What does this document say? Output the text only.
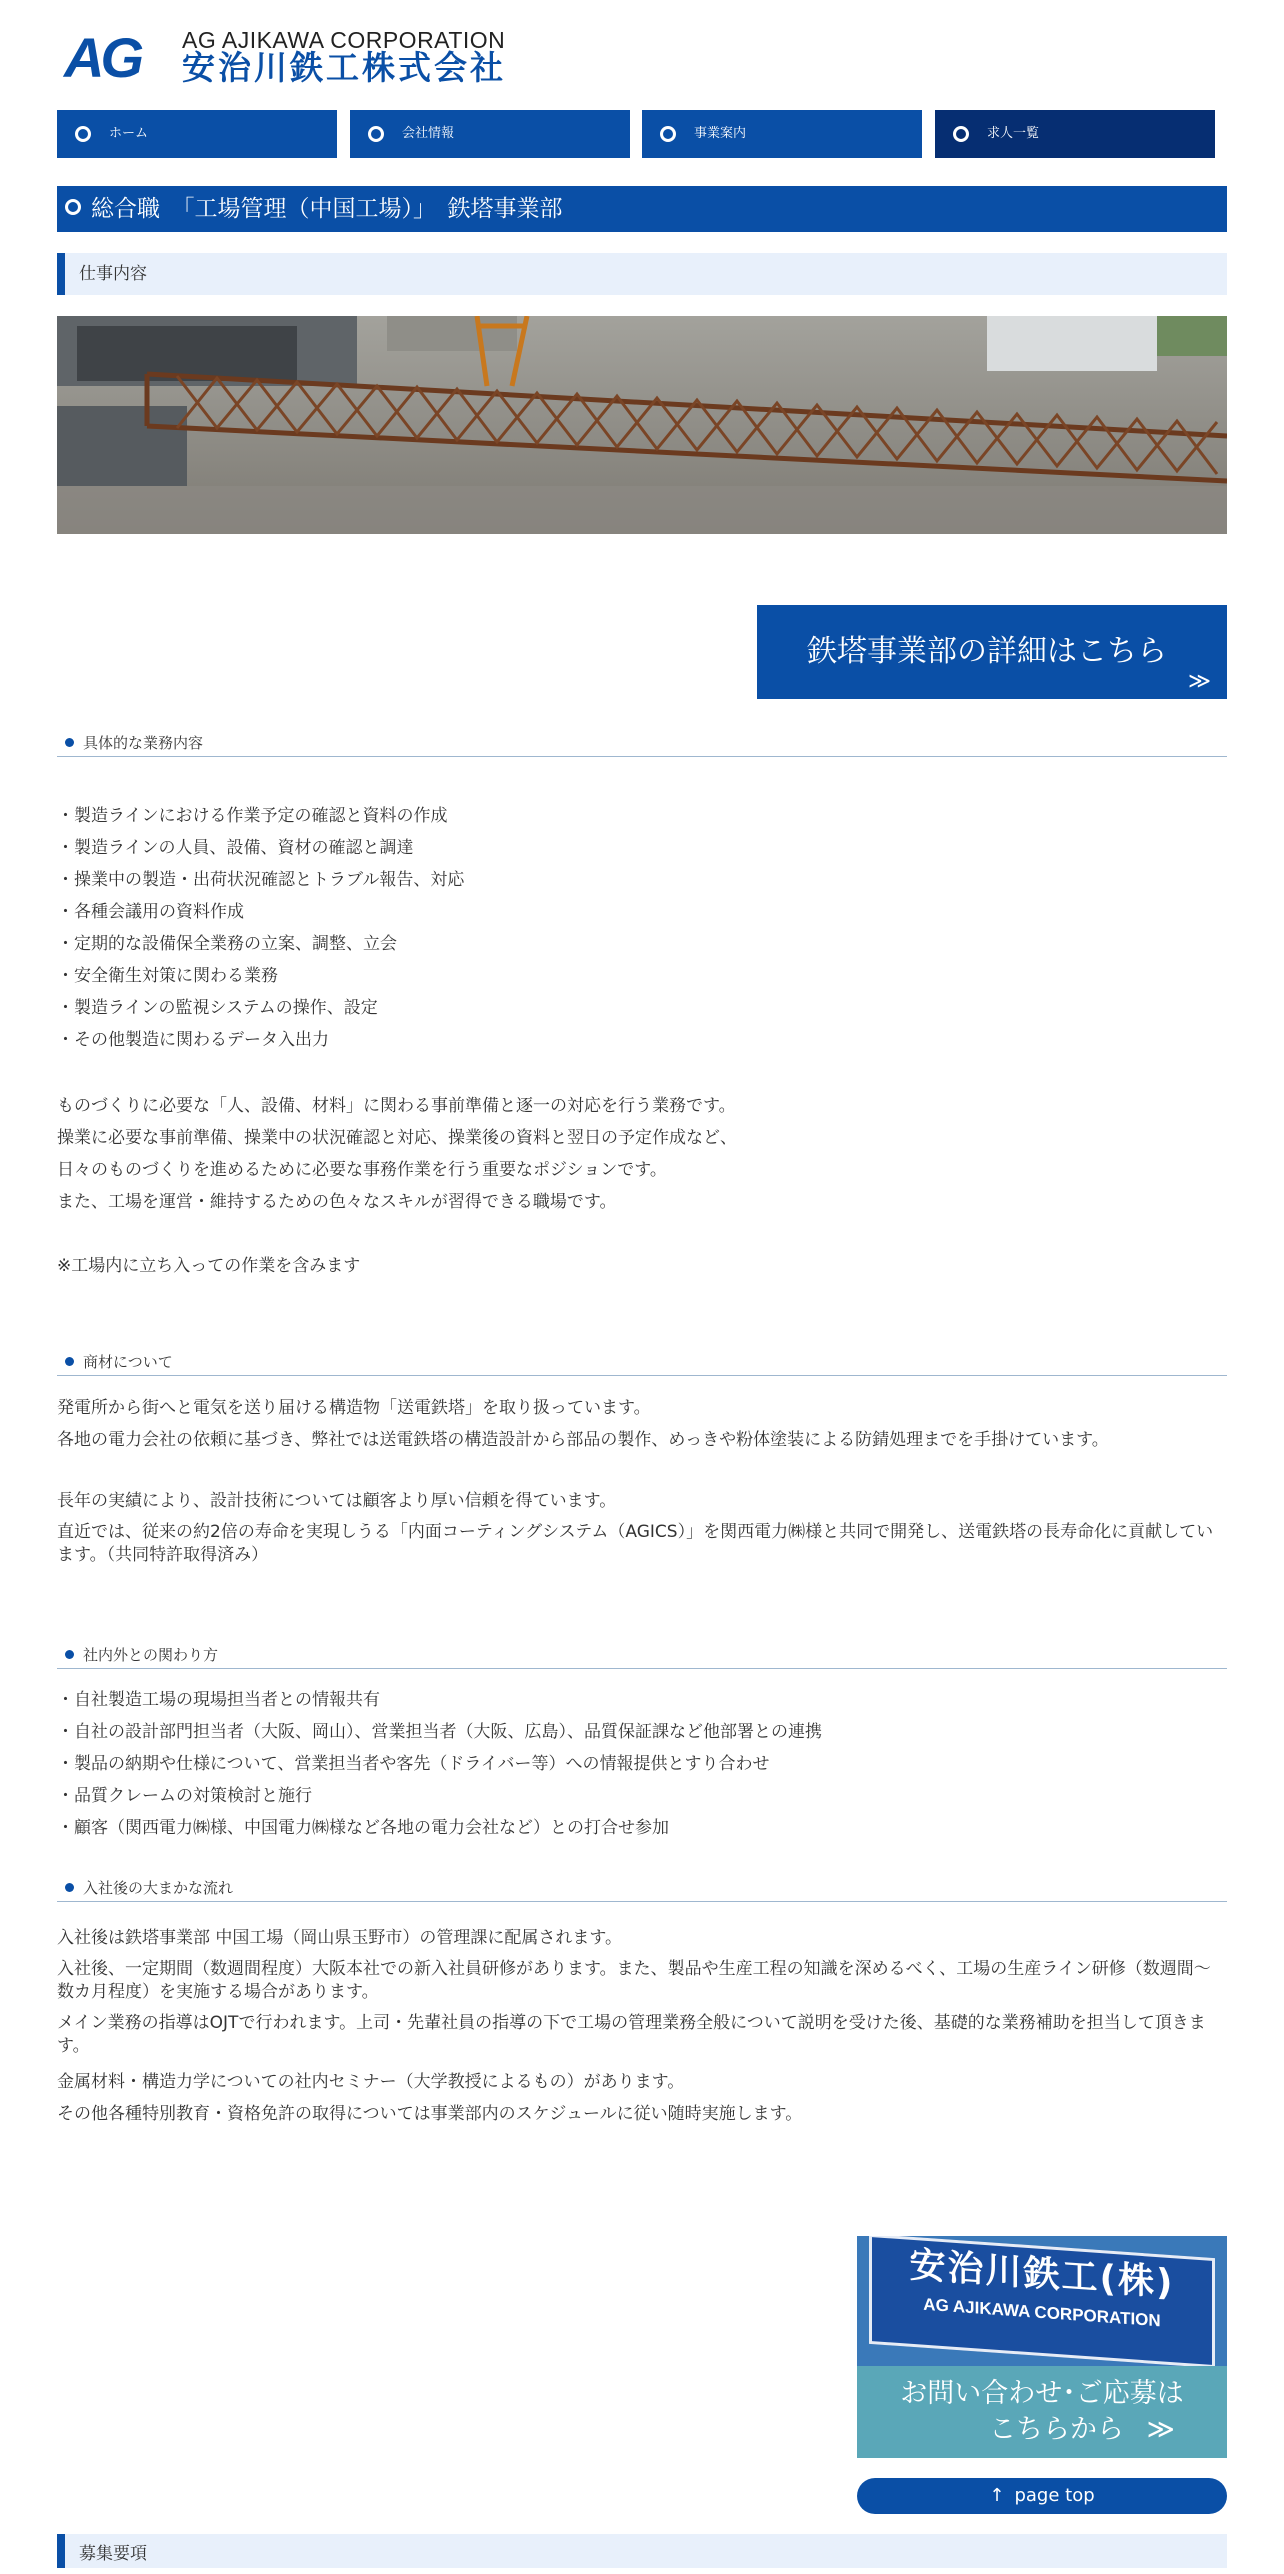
AG AG AJIKAWA CORPORATION
安治川鉄工株式会社
ホーム	会社情報	事業案内	求人一覧
総合職　「工場管理（中国工場）」　鉄塔事業部
仕事内容
鉄塔事業部の詳細はこちら
≫
具体的な業務内容

・製造ラインにおける作業予定の確認と資料の作成

・製造ラインの人員、設備、資材の確認と調達

・操業中の製造・出荷状況確認とトラブル報告、対応

・各種会議用の資料作成

・定期的な設備保全業務の立案、調整、立会

・安全衛生対策に関わる業務

・製造ラインの監視システムの操作、設定

・その他製造に関わるデータ入出力

ものづくりに必要な「人、設備、材料」に関わる事前準備と逐一の対応を行う業務です。

操業に必要な事前準備、操業中の状況確認と対応、操業後の資料と翌日の予定作成など、

日々のものづくりを進めるために必要な事務作業を行う重要なポジションです。

また、工場を運営・維持するための色々なスキルが習得できる職場です。

※工場内に立ち入っての作業を含みます

商材について

発電所から街へと電気を送り届ける構造物「送電鉄塔」を取り扱っています。

各地の電力会社の依頼に基づき、弊社では送電鉄塔の構造設計から部品の製作、めっきや粉体塗装による防錆処理までを手掛けています。

長年の実績により、設計技術については顧客より厚い信頼を得ています。

直近では、従来の約2倍の寿命を実現しうる「内面コーティングシステム（AGICS）」を関西電力㈱様と共同で開発し、送電鉄塔の長寿命化に貢献しています。（共同特許取得済み）

社内外との関わり方

・自社製造工場の現場担当者との情報共有

・自社の設計部門担当者（大阪、岡山）、営業担当者（大阪、広島）、品質保証課など他部署との連携

・製品の納期や仕様について、営業担当者や客先（ドライバー等）への情報提供とすり合わせ

・品質クレームの対策検討と施行

・顧客（関西電力㈱様、中国電力㈱様など各地の電力会社など）との打合せ参加

入社後の大まかな流れ

入社後は鉄塔事業部 中国工場（岡山県玉野市）の管理課に配属されます。

入社後、一定期間（数週間程度）大阪本社での新入社員研修があります。また、製品や生産工程の知識を深めるべく、工場の生産ライン研修（数週間～数カ月程度）を実施する場合があります。

メイン業務の指導はOJTで行われます。上司・先輩社員の指導の下で工場の管理業務全般について説明を受けた後、基礎的な業務補助を担当して頂きます。

金属材料・構造力学についての社内セミナー（大学教授によるもの）があります。

その他各種特別教育・資格免許の取得については事業部内のスケジュールに従い随時実施します。

安治川鉄工(株)
AG AJIKAWA CORPORATION
お問い合わせ･ご応募は
こちらから ≫
↑ page top
募集要項
